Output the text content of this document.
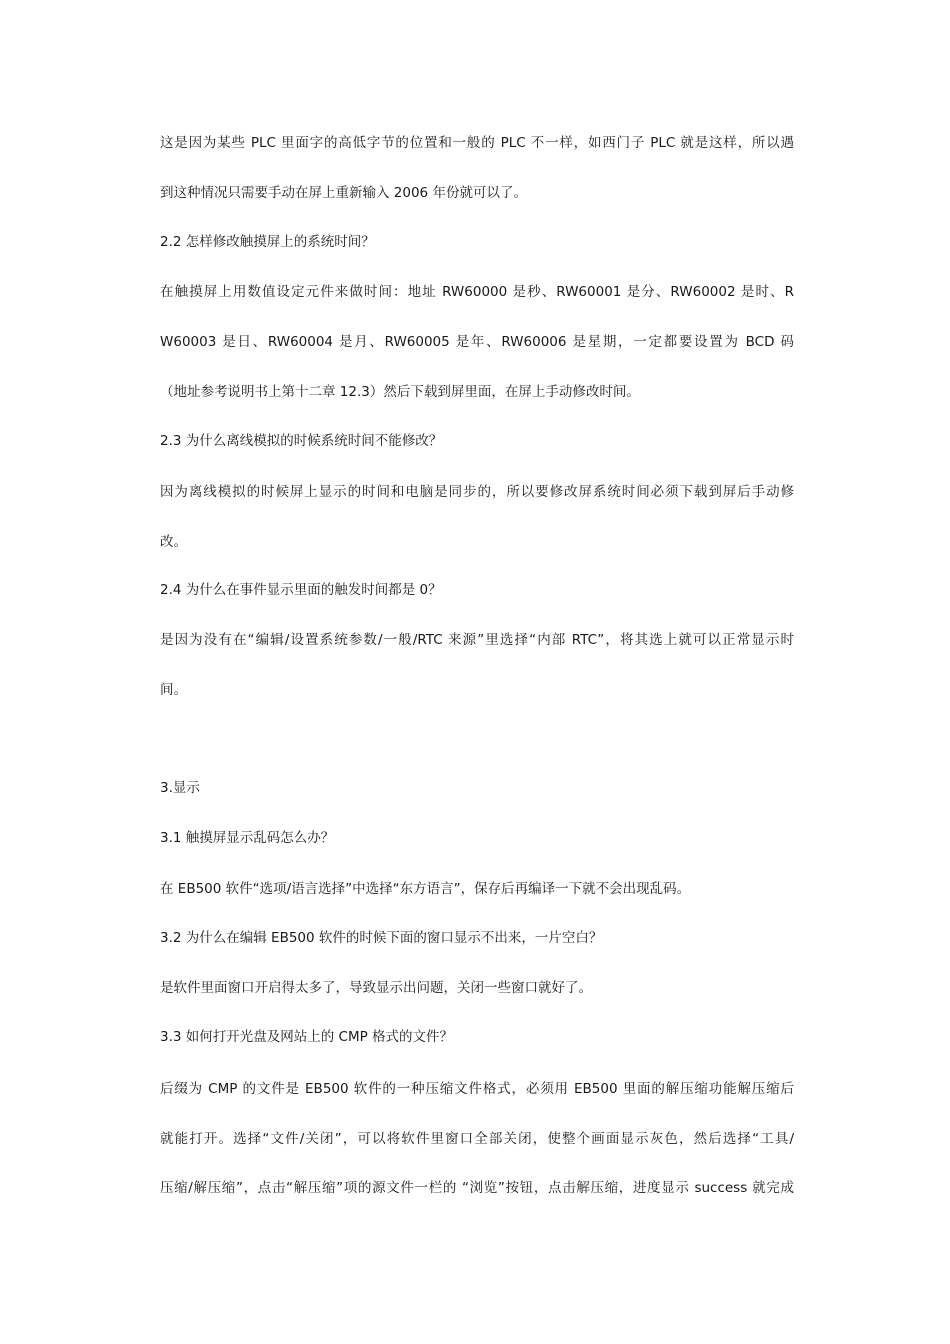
这是因为某些 PLC 里面字的高低字节的位置和一般的 PLC 不一样，如西门子 PLC 就是这样，所以遇
到这种情况只需要手动在屏上重新输入 2006 年份就可以了。
2.2 怎样修改触摸屏上的系统时间？
在触摸屏上用数值设定元件来做时间：地址 RW60000 是秒、RW60001 是分、RW60002 是时、R
W60003 是日、RW60004 是月、RW60005 是年、RW60006 是星期，一定都要设置为 BCD 码
（地址参考说明书上第十二章 12.3）然后下载到屏里面，在屏上手动修改时间。
2.3 为什么离线模拟的时候系统时间不能修改？
因为离线模拟的时候屏上显示的时间和电脑是同步的，所以要修改屏系统时间必须下载到屏后手动修
改。
2.4 为什么在事件显示里面的触发时间都是 0？
是因为没有在“编辑/设置系统参数/一般/RTC 来源”里选择“内部 RTC”，将其选上就可以正常显示时
间。
3.显示
3.1 触摸屏显示乱码怎么办？
在 EB500 软件“选项/语言选择”中选择“东方语言”，保存后再编译一下就不会出现乱码。
3.2 为什么在编辑 EB500 软件的时候下面的窗口显示不出来，一片空白？
是软件里面窗口开启得太多了，导致显示出问题，关闭一些窗口就好了。
3.3 如何打开光盘及网站上的 CMP 格式的文件？
后缀为 CMP 的文件是 EB500 软件的一种压缩文件格式，必须用 EB500 里面的解压缩功能解压缩后
就能打开。选择“文件/关闭”，可以将软件里窗口全部关闭，使整个画面显示灰色，然后选择“工具/
压缩/解压缩”，点击“解压缩”项的源文件一栏的 “浏览”按钮，点击解压缩，进度显示 success 就完成
